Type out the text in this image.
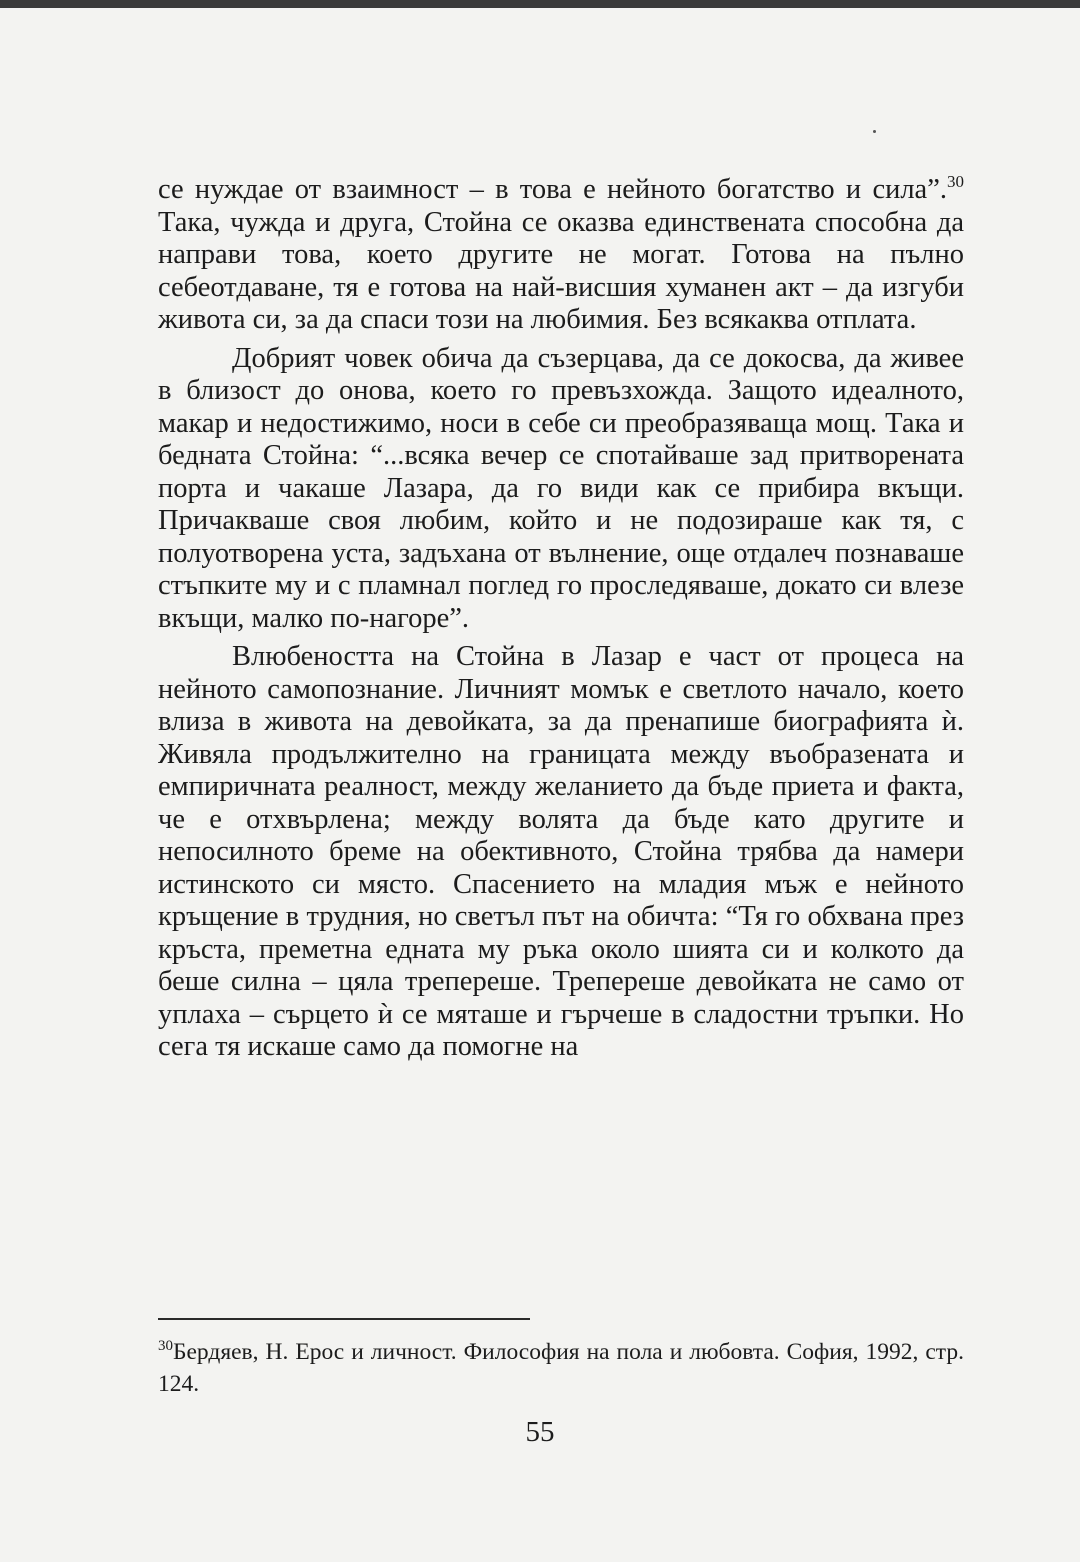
се нуждае от взаимност – в това е нейното богатство и сила”.$^{30}$ Така, чужда и друга, Стойна се оказва единствената способна да направи това, което другите не могат. Готова на пълно себеотдаване, тя е готова на най-висшия хуманен акт – да изгуби живота си, за да спаси този на любимия. Без всякаква отплата.

Добрият човек обича да съзерцава, да се докосва, да живее в близост до онова, което го превъзхожда. Защото идеалното, макар и недостижимо, носи в себе си преобразяваща мощ. Така и бедната Стойна: “...всяка вечер се спотайваше зад притворената порта и чакаше Лазара, да го види как се прибира вкъщи. Причакваше своя любим, който и не подозираше как тя, с полуотворена уста, задъхана от вълнение, още отдалеч познаваше стъпките му и с пламнал поглед го проследяваше, докато си влезе вкъщи, малко по-нагоре”.

Влюбеността на Стойна в Лазар е част от процеса на нейното самопознание. Личният момък е светлото начало, което влиза в живота на девойката, за да пренапише биографията ѝ. Живяла продължително на границата между въобразената и емпиричната реалност, между желанието да бъде приета и факта, че е отхвърлена; между волята да бъде като другите и непосилното бреме на обективното, Стойна трябва да намери истинското си място. Спасението на младия мъж е нейното кръщение в трудния, но светъл път на обичта: “Тя го обхвана през кръста, преметна едната му ръка около шията си и колкото да беше силна – цяла трепереше. Трепереше девойката не само от уплаха – сърцето ѝ се мяташе и гърчеше в сладостни тръпки. Но сега тя искаше само да помогне на

$^{30}$Бердяев, Н. Ерос и личност. Философия на пола и любовта. София, 1992, стр. 124.
55
